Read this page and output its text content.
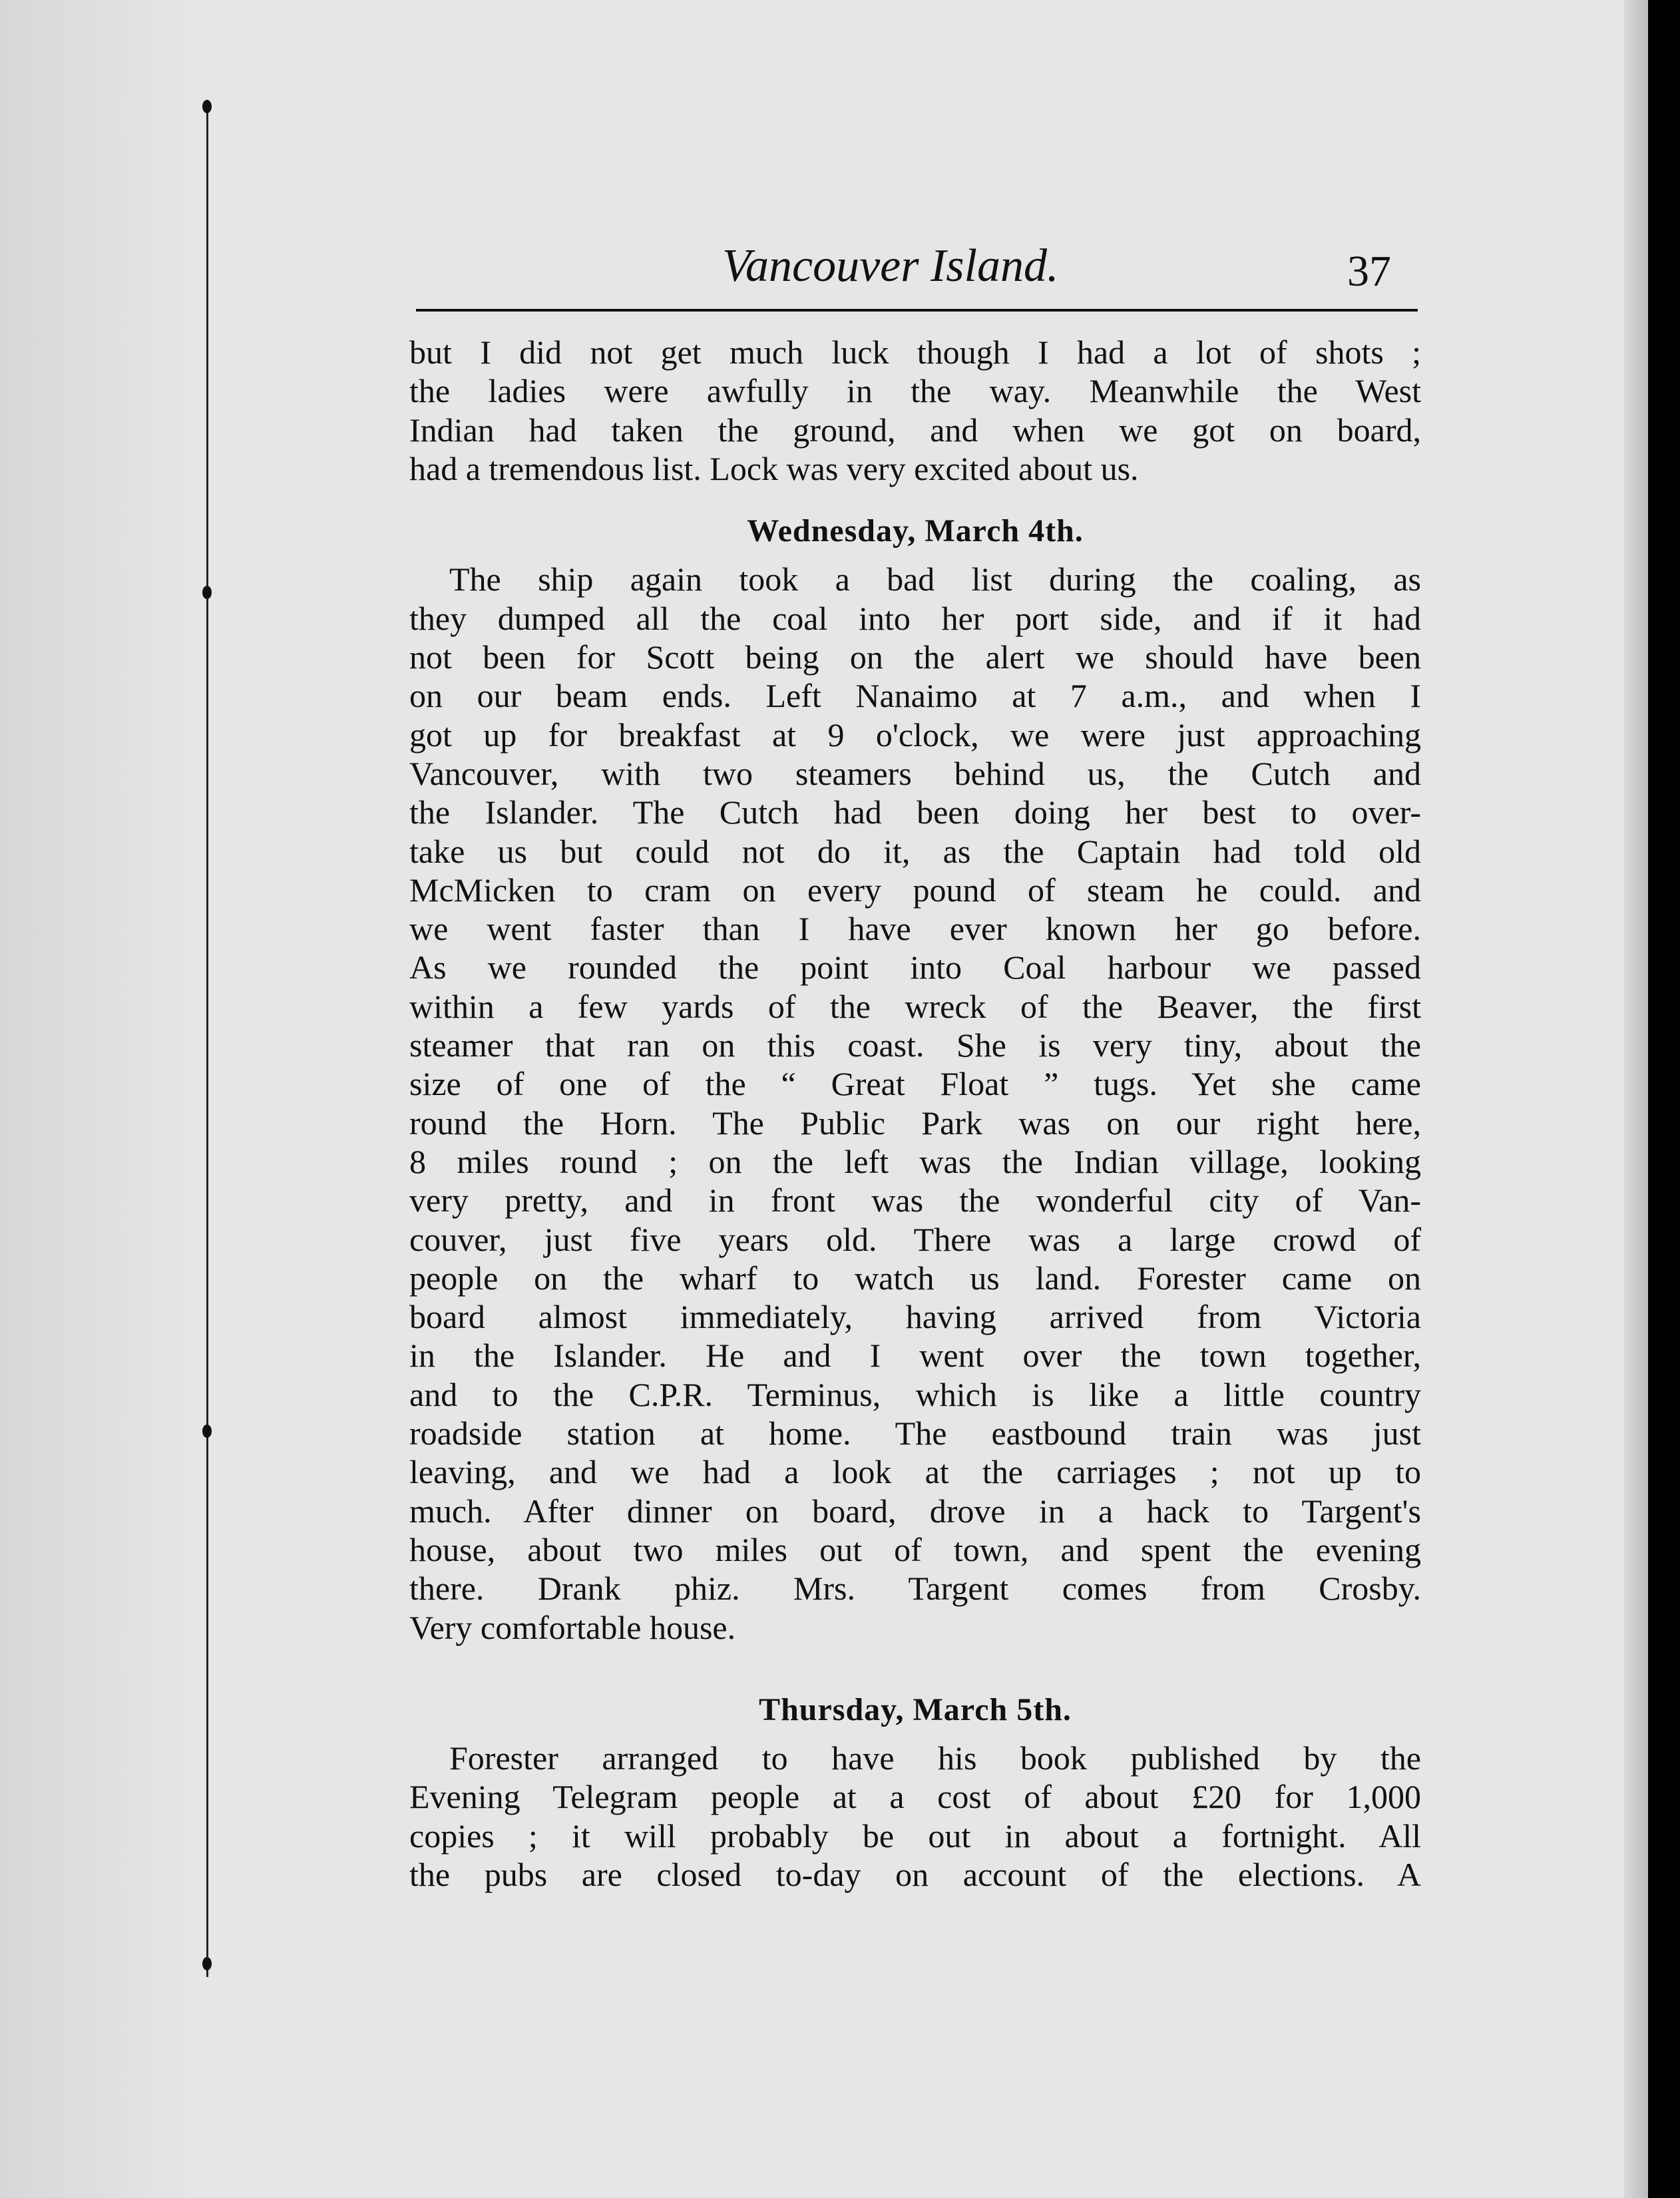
Vancouver Island.	37

but I did not get much luck though I had a lot of shots ;
the ladies were awfully in the way. Meanwhile the West
Indian had taken the ground, and when we got on board,
had a tremendous list. Lock was very excited about us.

Wednesday, March 4th.

The ship again took a bad list during the coaling, as
they dumped all the coal into her port side, and if it had
not been for Scott being on the alert we should have been
on our beam ends. Left Nanaimo at 7 a.m., and when I
got up for breakfast at 9 o'clock, we were just approaching
Vancouver, with two steamers behind us, the Cutch and
the Islander. The Cutch had been doing her best to over-
take us but could not do it, as the Captain had told old
McMicken to cram on every pound of steam he could. and
we went faster than I have ever known her go before.
As we rounded the point into Coal harbour we passed
within a few yards of the wreck of the Beaver, the first
steamer that ran on this coast. She is very tiny, about the
size of one of the “ Great Float ” tugs. Yet she came
round the Horn. The Public Park was on our right here,
8 miles round ; on the left was the Indian village, looking
very pretty, and in front was the wonderful city of Van-
couver, just five years old. There was a large crowd of
people on the wharf to watch us land. Forester came on
board almost immediately, having arrived from Victoria
in the Islander. He and I went over the town together,
and to the C.P.R. Terminus, which is like a little country
roadside station at home. The eastbound train was just
leaving, and we had a look at the carriages ; not up to
much. After dinner on board, drove in a hack to Targent's
house, about two miles out of town, and spent the evening
there. Drank phiz. Mrs. Targent comes from Crosby.
Very comfortable house.

Thursday, March 5th.

Forester arranged to have his book published by the
Evening Telegram people at a cost of about £20 for 1,000
copies ; it will probably be out in about a fortnight. All
the pubs are closed to-day on account of the elections. A
